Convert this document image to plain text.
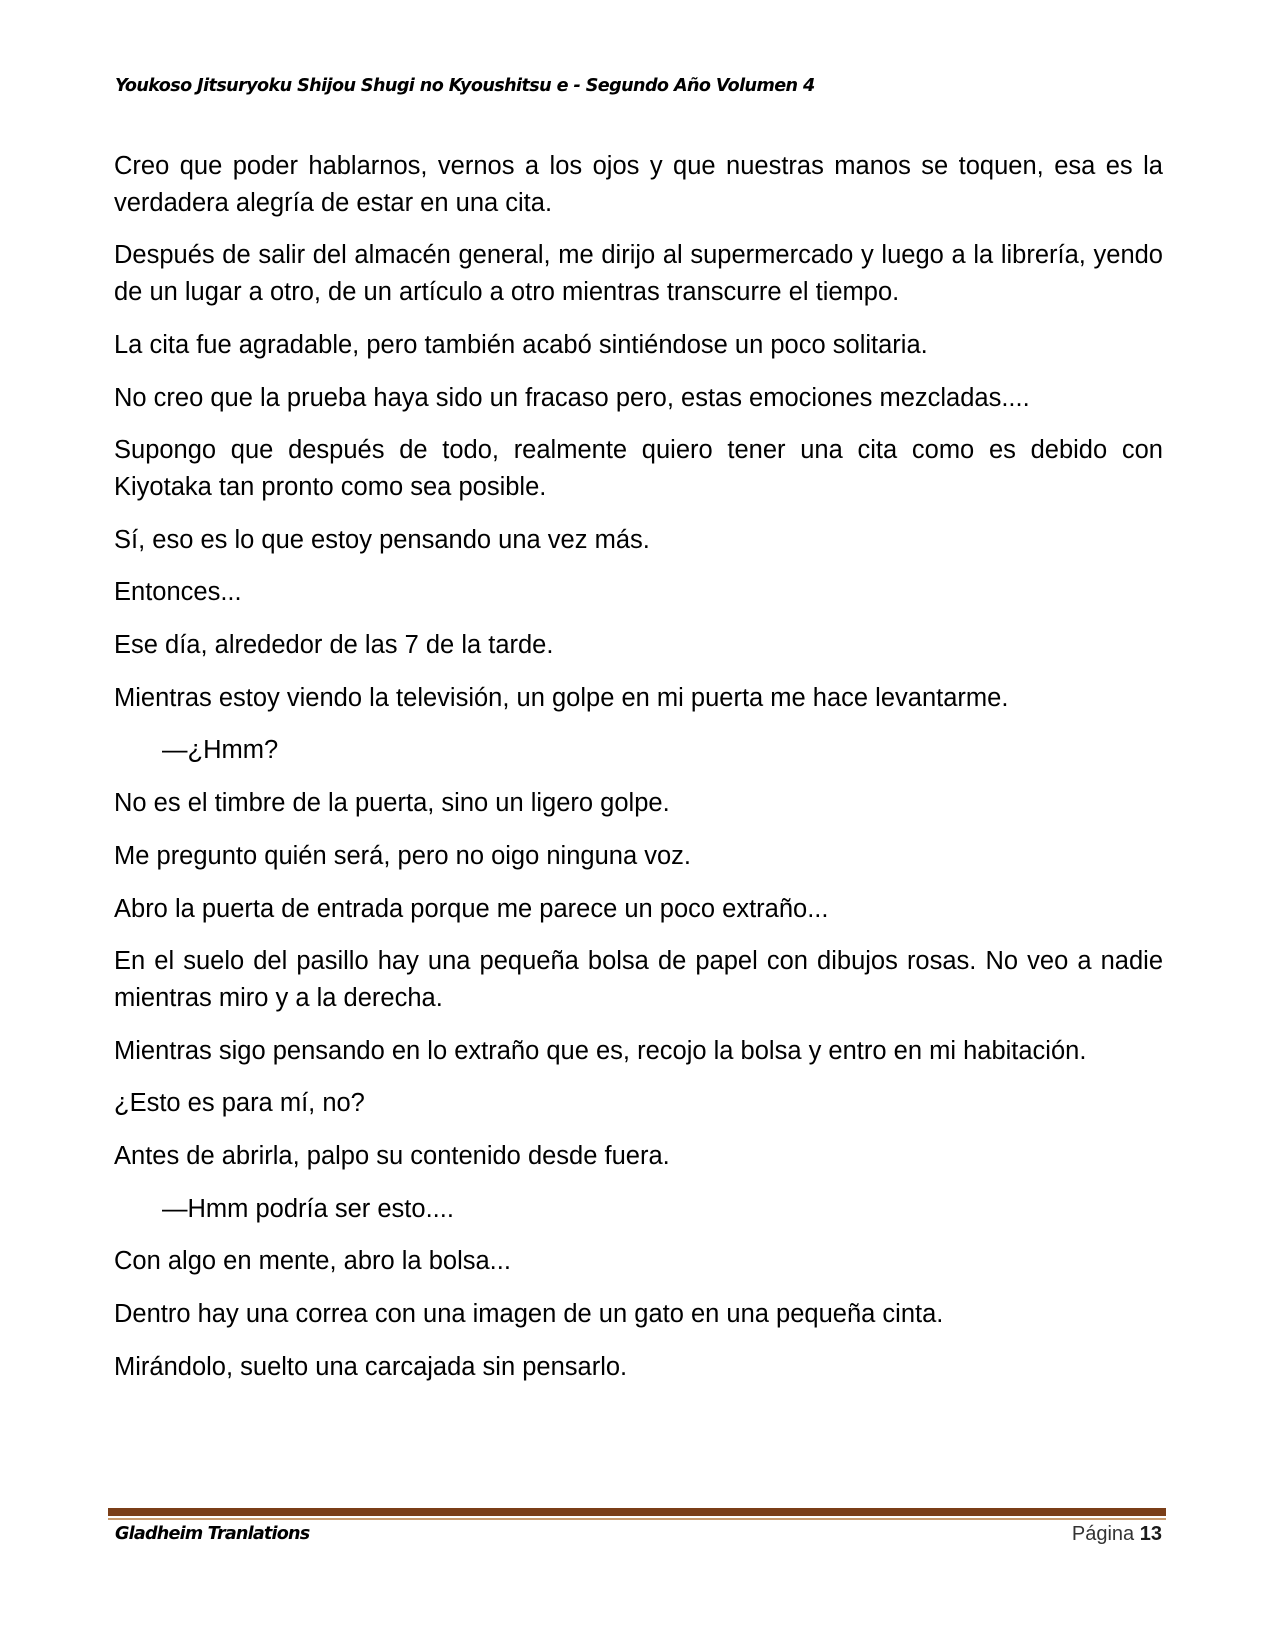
Youkoso Jitsuryoku Shijou Shugi no Kyoushitsu e - Segundo Año Volumen 4

Creo que poder hablarnos, vernos a los ojos y que nuestras manos se toquen, esa es la verdadera alegría de estar en una cita.

Después de salir del almacén general, me dirijo al supermercado y luego a la librería, yendo de un lugar a otro, de un artículo a otro mientras transcurre el tiempo.

La cita fue agradable, pero también acabó sintiéndose un poco solitaria.

No creo que la prueba haya sido un fracaso pero, estas emociones mezcladas....

Supongo que después de todo, realmente quiero tener una cita como es debido con Kiyotaka tan pronto como sea posible.

Sí, eso es lo que estoy pensando una vez más.

Entonces...

Ese día, alrededor de las 7 de la tarde.

Mientras estoy viendo la televisión, un golpe en mi puerta me hace levantarme.

—¿Hmm?

No es el timbre de la puerta, sino un ligero golpe.

Me pregunto quién será, pero no oigo ninguna voz.

Abro la puerta de entrada porque me parece un poco extraño...

En el suelo del pasillo hay una pequeña bolsa de papel con dibujos rosas. No veo a nadie mientras miro y a la derecha.

Mientras sigo pensando en lo extraño que es, recojo la bolsa y entro en mi habitación.

¿Esto es para mí, no?

Antes de abrirla, palpo su contenido desde fuera.

—Hmm podría ser esto....

Con algo en mente, abro la bolsa...

Dentro hay una correa con una imagen de un gato en una pequeña cinta.

Mirándolo, suelto una carcajada sin pensarlo.

Gladheim Tranlations	Página 13
